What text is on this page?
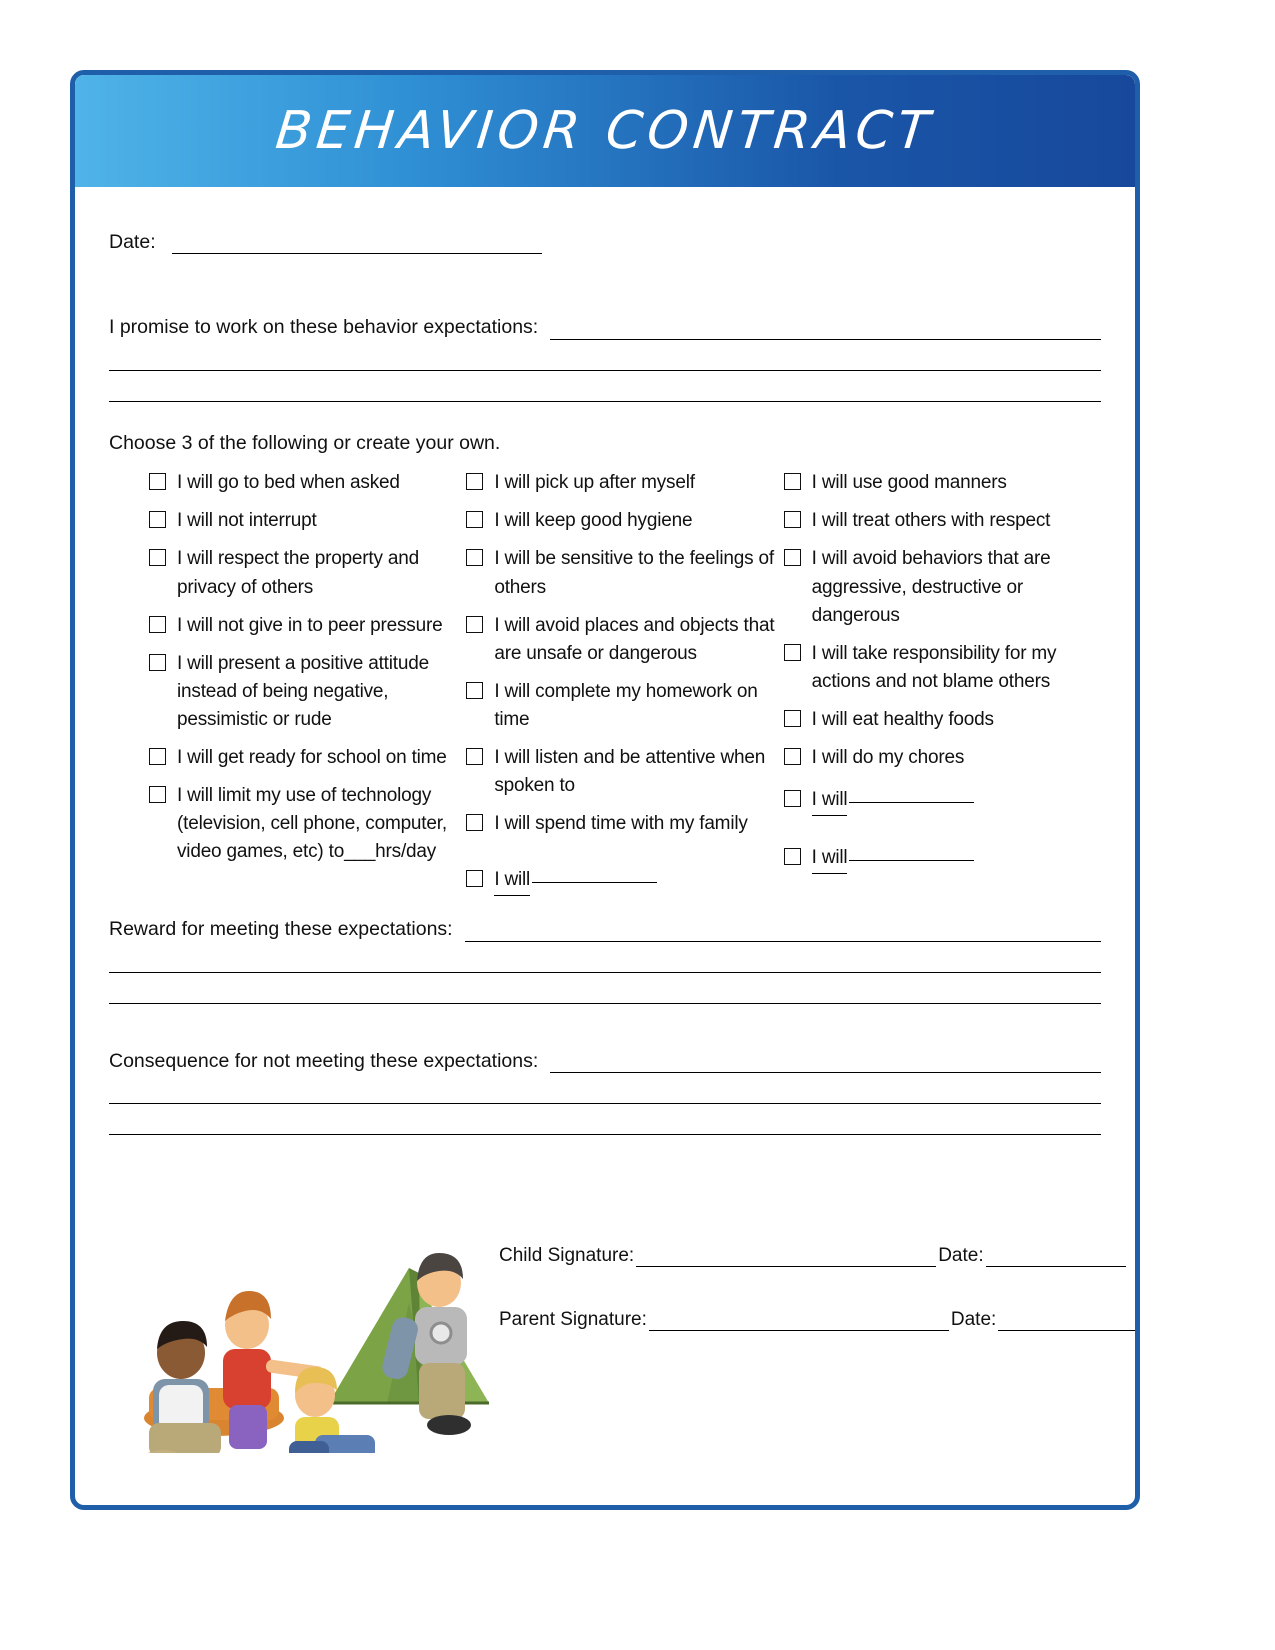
BEHAVIOR CONTRACT
Date:
I promise to work on these behavior expectations:
Choose 3 of the following or create your own.
I will go to bed when asked
I will not interrupt
I will respect the property and privacy of others
I will not give in to peer pressure
I will present a positive attitude instead of being negative, pessimistic or rude
I will get ready for school on time
I will limit my use of technology (television, cell phone, computer, video games, etc) to___hrs/day
I will pick up after myself
I will keep good hygiene
I will be sensitive to the feelings of others
I will avoid places and objects that are unsafe or dangerous
I will complete my homework on time
I will listen and be attentive when spoken to
I will spend time with my family
I will
I will use good manners
I will treat others with respect
I will avoid behaviors that are aggressive, destructive or dangerous
I will take responsibility for my actions and not blame others
I will eat healthy foods
I will do my chores
I will
I will
Reward for meeting these expectations:
Consequence for not meeting these expectations:
Child Signature:	Date:
Parent Signature:	Date:
